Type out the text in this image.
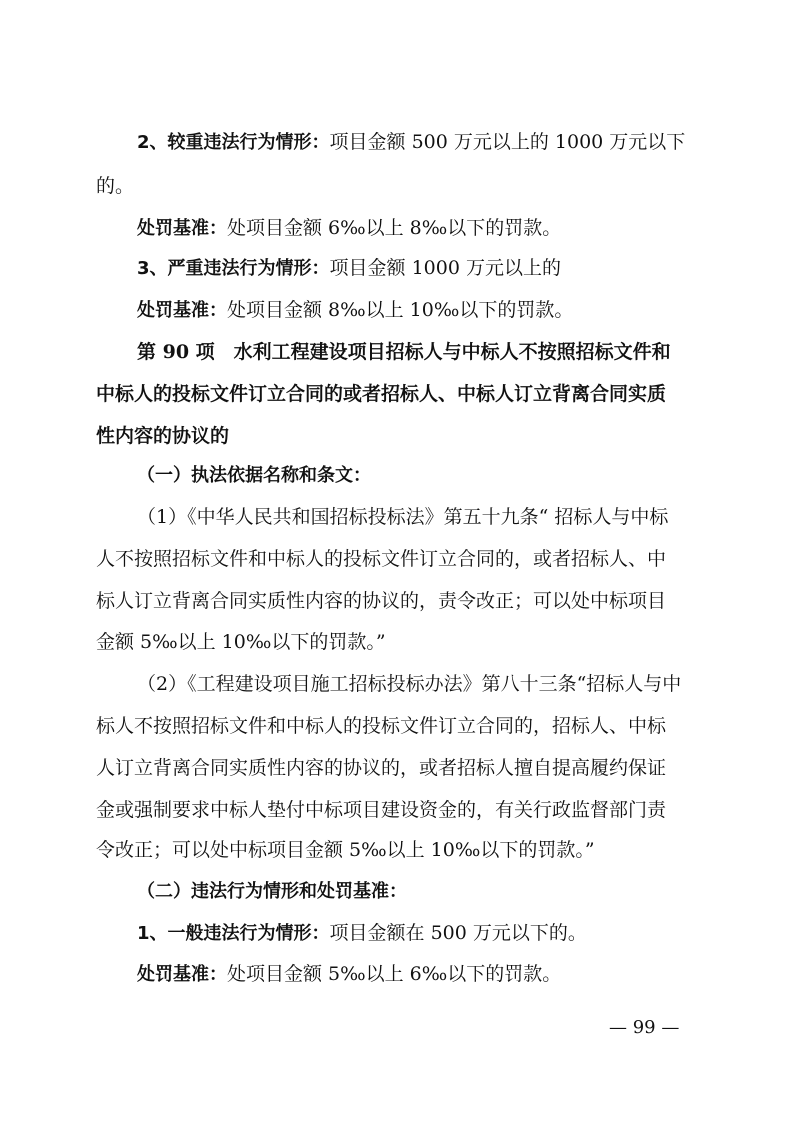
2、较重违法行为情形：项目金额 500 万元以上的 1000 万元以下
的。
处罚基准：处项目金额 6‰以上 8‰以下的罚款。
3、严重违法行为情形：项目金额 1000 万元以上的
处罚基准：处项目金额 8‰以上 10‰以下的罚款。
第 90 项　水利工程建设项目招标人与中标人不按照招标文件和
中标人的投标文件订立合同的或者招标人、中标人订立背离合同实质
性内容的协议的
（一）执法依据名称和条文：
（1）《中华人民共和国招标投标法》第五十九条“ 招标人与中标
人不按照招标文件和中标人的投标文件订立合同的，或者招标人、中
标人订立背离合同实质性内容的协议的，责令改正；可以处中标项目
金额 5‰以上 10‰以下的罚款。”
（2）《工程建设项目施工招标投标办法》第八十三条“招标人与中
标人不按照招标文件和中标人的投标文件订立合同的，招标人、中标
人订立背离合同实质性内容的协议的，或者招标人擅自提高履约保证
金或强制要求中标人垫付中标项目建设资金的，有关行政监督部门责
令改正；可以处中标项目金额 5‰以上 10‰以下的罚款。”
（二）违法行为情形和处罚基准：
1、一般违法行为情形：项目金额在 500 万元以下的。
处罚基准：处项目金额 5‰以上 6‰以下的罚款。
— 99 —
